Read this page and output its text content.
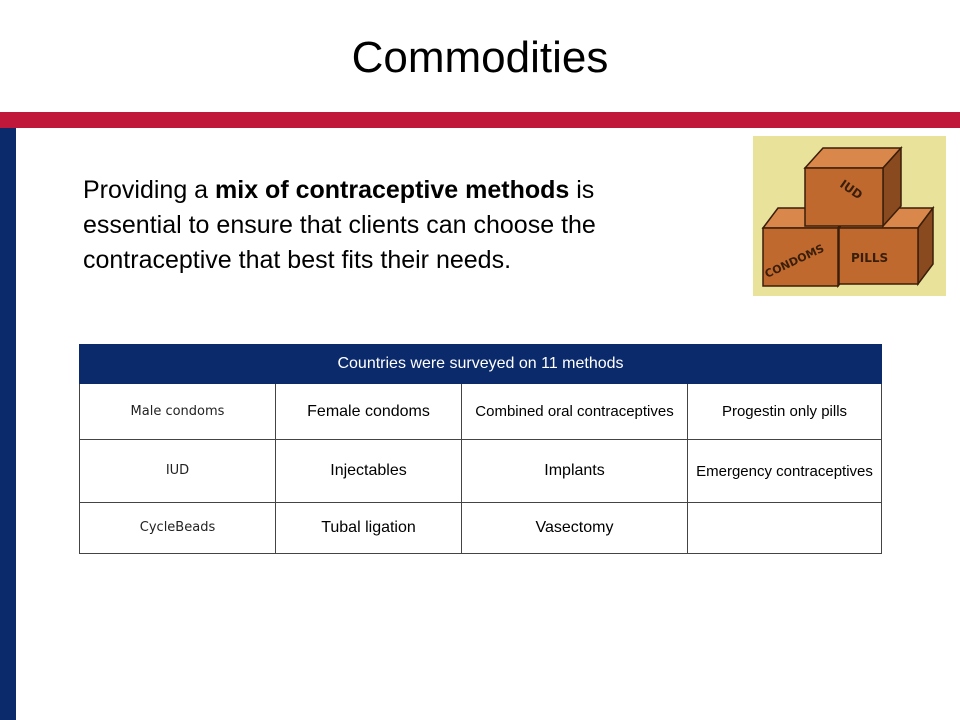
Commodities
Providing a mix of contraceptive methods is essential to ensure that clients can choose the contraceptive that best fits their needs.	CONDOMS PILLS
IUD
Countries were surveyed on 11 methods			
Male condoms	Female condoms	Combined oral contraceptives	Progestin only pills
IUD	Injectables	Implants	Emergency contraceptives
CycleBeads	Tubal ligation	Vasectomy	
